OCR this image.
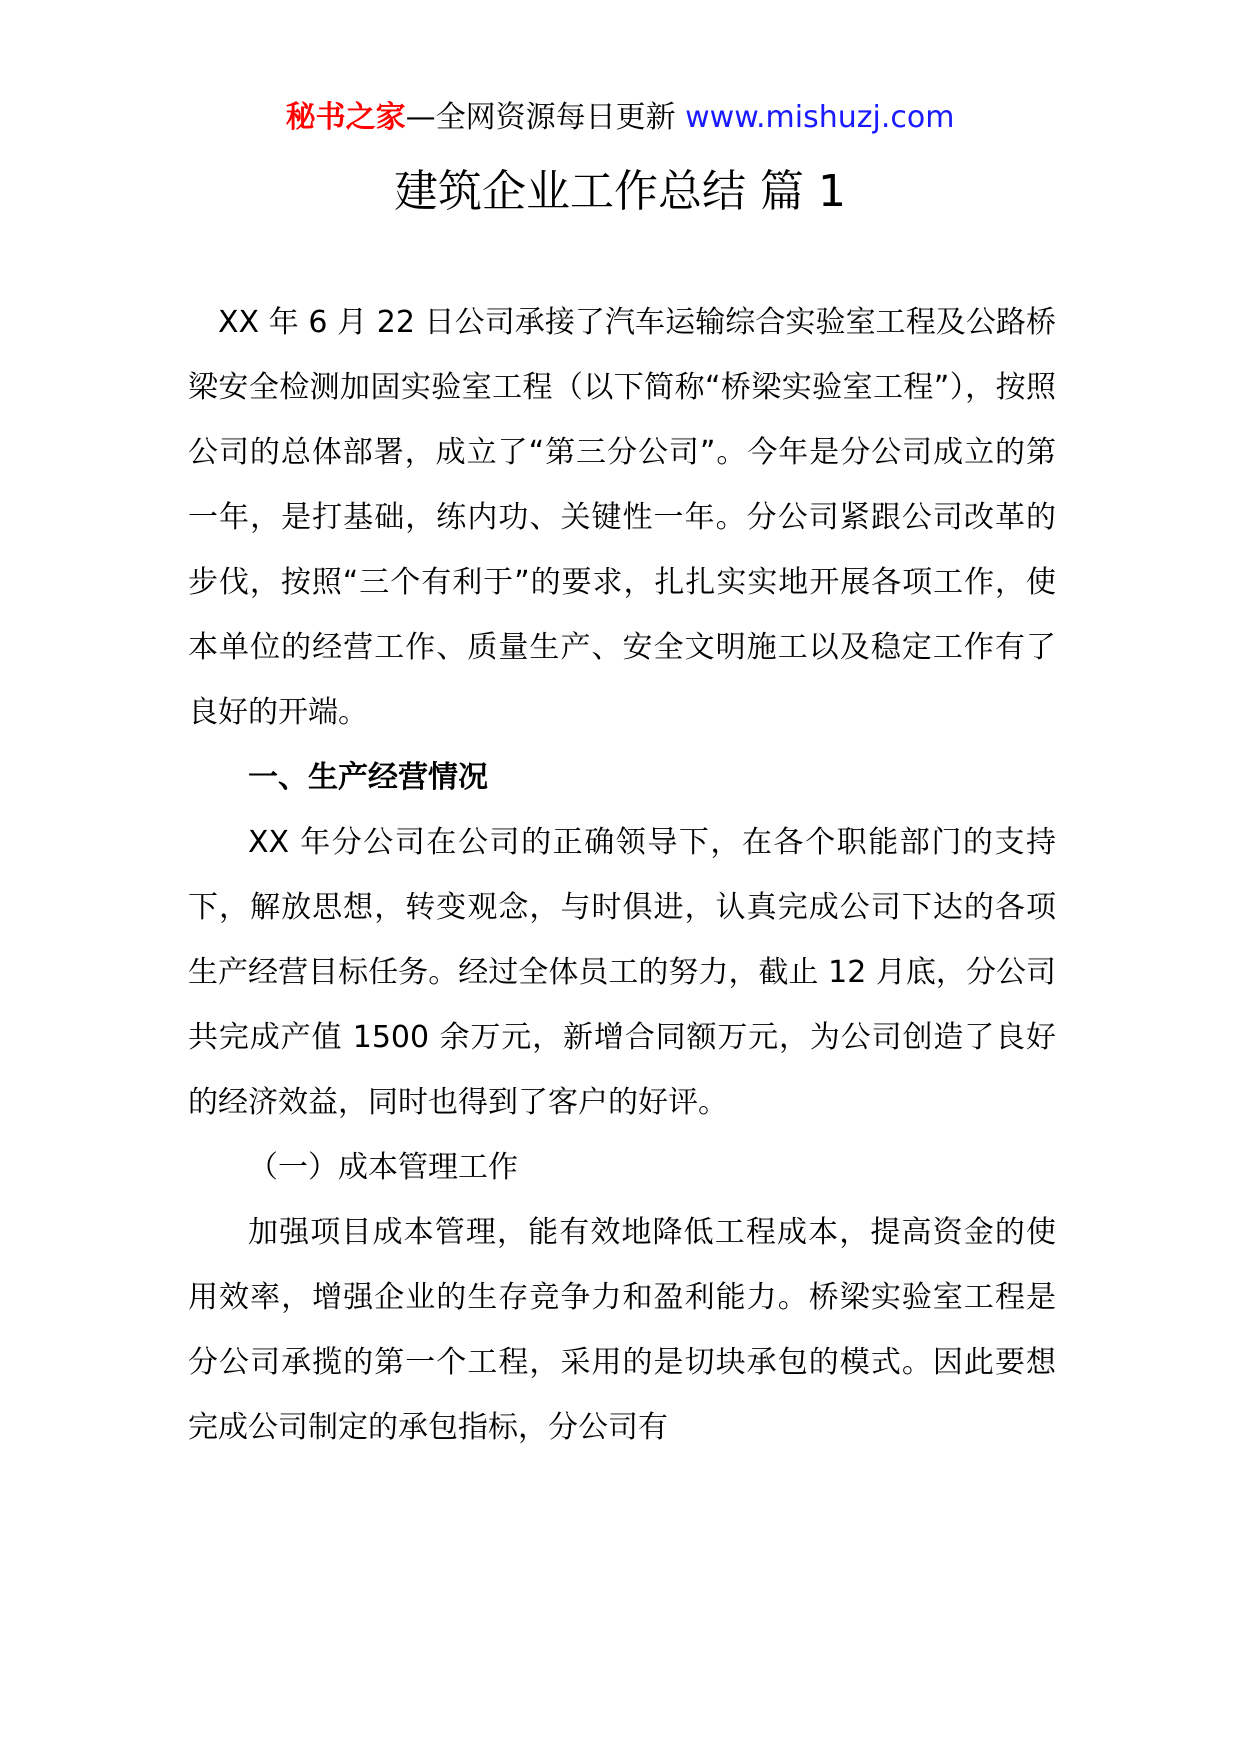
秘书之家—全网资源每日更新 www.mishuzj.com
建筑企业工作总结 篇 1

XX 年 6 月 22 日公司承接了汽车运输综合实验室工程及公路桥梁安全检测加固实验室工程（以下简称“桥梁实验室工程”），按照公司的总体部署，成立了“第三分公司”。今年是分公司成立的第一年，是打基础，练内功、关键性一年。分公司紧跟公司改革的步伐，按照“三个有利于”的要求，扎扎实实地开展各项工作，使本单位的经营工作、质量生产、安全文明施工以及稳定工作有了良好的开端。

一、生产经营情况

XX 年分公司在公司的正确领导下，在各个职能部门的支持下，解放思想，转变观念，与时俱进，认真完成公司下达的各项生产经营目标任务。经过全体员工的努力，截止 12 月底，分公司共完成产值 1500 余万元，新增合同额万元，为公司创造了良好的经济效益，同时也得到了客户的好评。

（一）成本管理工作

加强项目成本管理，能有效地降低工程成本，提高资金的使用效率，增强企业的生存竞争力和盈利能力。桥梁实验室工程是分公司承揽的第一个工程，采用的是切块承包的模式。因此要想完成公司制定的承包指标，分公司有
